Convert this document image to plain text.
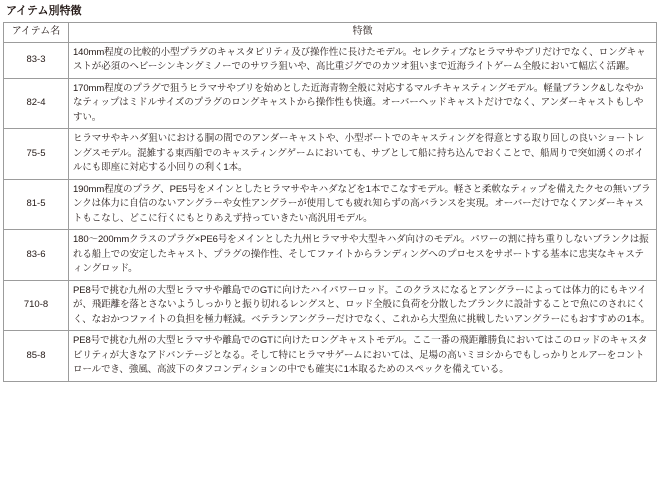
アイテム別特徴
アイテム名	特徴
83-3	140mm程度の比較的小型プラグのキャスタビリティ及び操作性に長けたモデル。セレクティブなヒラマサやブリだけでなく、ロングキャストが必須のヘビーシンキングミノーでのサワラ狙いや、高比重ジグでのカツオ狙いまで近海ライトゲーム全般において幅広く活躍。
82-4	170mm程度のプラグで狙うヒラマサやブリを始めとした近海青物全般に対応するマルチキャスティングモデル。軽量ブランク&しなやかなティップはミドルサイズのプラグのロングキャストから操作性も快適。オーバーヘッドキャストだけでなく、アンダーキャストもしやすい。
75-5	ヒラマサやキハダ狙いにおける胴の間でのアンダーキャストや、小型ボートでのキャスティングを得意とする取り回しの良いショートレングスモデル。混雑する東西船でのキャスティングゲームにおいても、サブとして船に持ち込んでおくことで、船周りで突如湧くのボイルにも即座に対応する小回りの利く1本。
81-5	190mm程度のプラグ、PE5号をメインとしたヒラマサやキハダなどを1本でこなすモデル。軽さと柔軟なティップを備えたクセの無いブランクは体力に自信のないアングラーや女性アングラーが使用しても疲れ知らずの高バランスを実現。オーバーだけでなくアンダーキャストもこなし、どこに行くにもとりあえず持っていきたい高汎用モデル。
83-6	180～200mmクラスのプラグ×PE6号をメインとした九州ヒラマサや大型キハダ向けのモデル。パワーの割に持ち重りしないブランクは振れる船上での安定したキャスト、プラグの操作性、そしてファイトからランディングへのプロセスをサポートする基本に忠実なキャスティングロッド。
710-8	PE8号で挑む九州の大型ヒラマサや離島でのGTに向けたハイパワーロッド。このクラスになるとアングラーによっては体力的にもキツイが、飛距離を落とさないようしっかりと振り切れるレングスと、ロッド全般に負荷を分散したブランクに設計することで魚にのされにくく、なおかつファイトの負担を極力軽減。ベテランアングラーだけでなく、これから大型魚に挑戦したいアングラーにもおすすめの1本。
85-8	PE8号で挑む九州の大型ヒラマサや離島でのGTに向けたロングキャストモデル。ここ一番の飛距離勝負においてはこのロッドのキャスタビリティが大きなアドバンテージとなる。そして特にヒラマサゲームにおいては、足場の高いミヨシからでもしっかりとルアーをコントロールでき、強風、高波下のタフコンディションの中でも確実に1本取るためのスペックを備えている。
